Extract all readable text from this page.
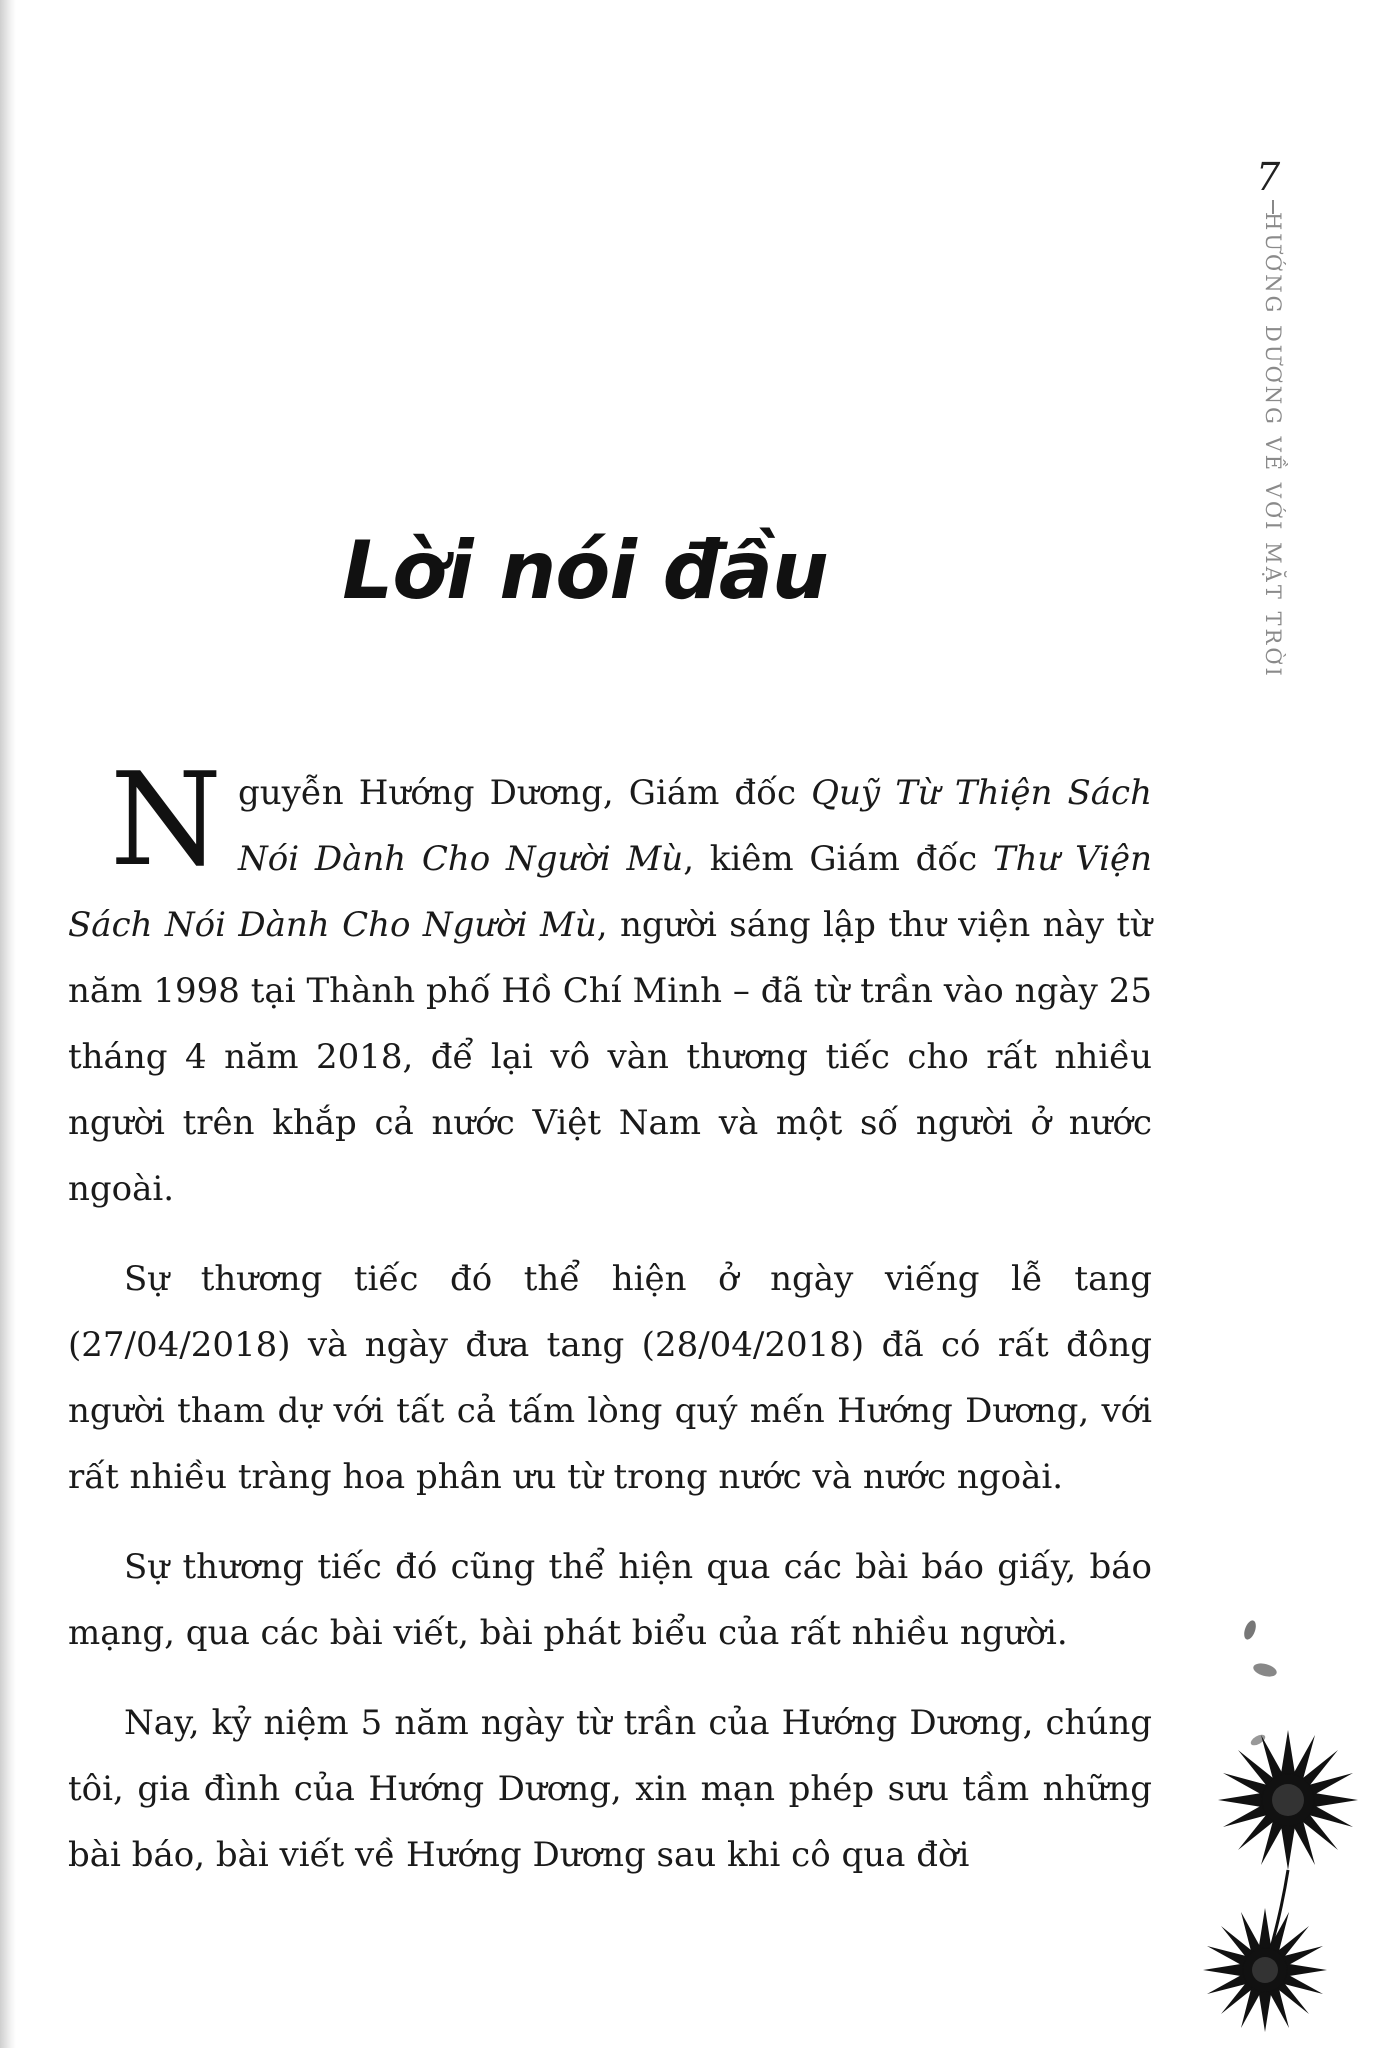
7
HƯỚNG DƯƠNG VỀ VỚI MẶT TRỜI
Lời nói đầu

Nguyễn Hướng Dương, Giám đốc Quỹ Từ Thiện Sách Nói Dành Cho Người Mù, kiêm Giám đốc Thư Viện Sách Nói Dành Cho Người Mù, người sáng lập thư viện này từ năm 1998 tại Thành phố Hồ Chí Minh – đã từ trần vào ngày 25 tháng 4 năm 2018, để lại vô vàn thương tiếc cho rất nhiều người trên khắp cả nước Việt Nam và một số người ở nước ngoài.

Sự thương tiếc đó thể hiện ở ngày viếng lễ tang (27/04/2018) và ngày đưa tang (28/04/2018) đã có rất đông người tham dự với tất cả tấm lòng quý mến Hướng Dương, với rất nhiều tràng hoa phân ưu từ trong nước và nước ngoài.

Sự thương tiếc đó cũng thể hiện qua các bài báo giấy, báo mạng, qua các bài viết, bài phát biểu của rất nhiều người.

Nay, kỷ niệm 5 năm ngày từ trần của Hướng Dương, chúng tôi, gia đình của Hướng Dương, xin mạn phép sưu tầm những bài báo, bài viết về Hướng Dương sau khi cô qua đời
